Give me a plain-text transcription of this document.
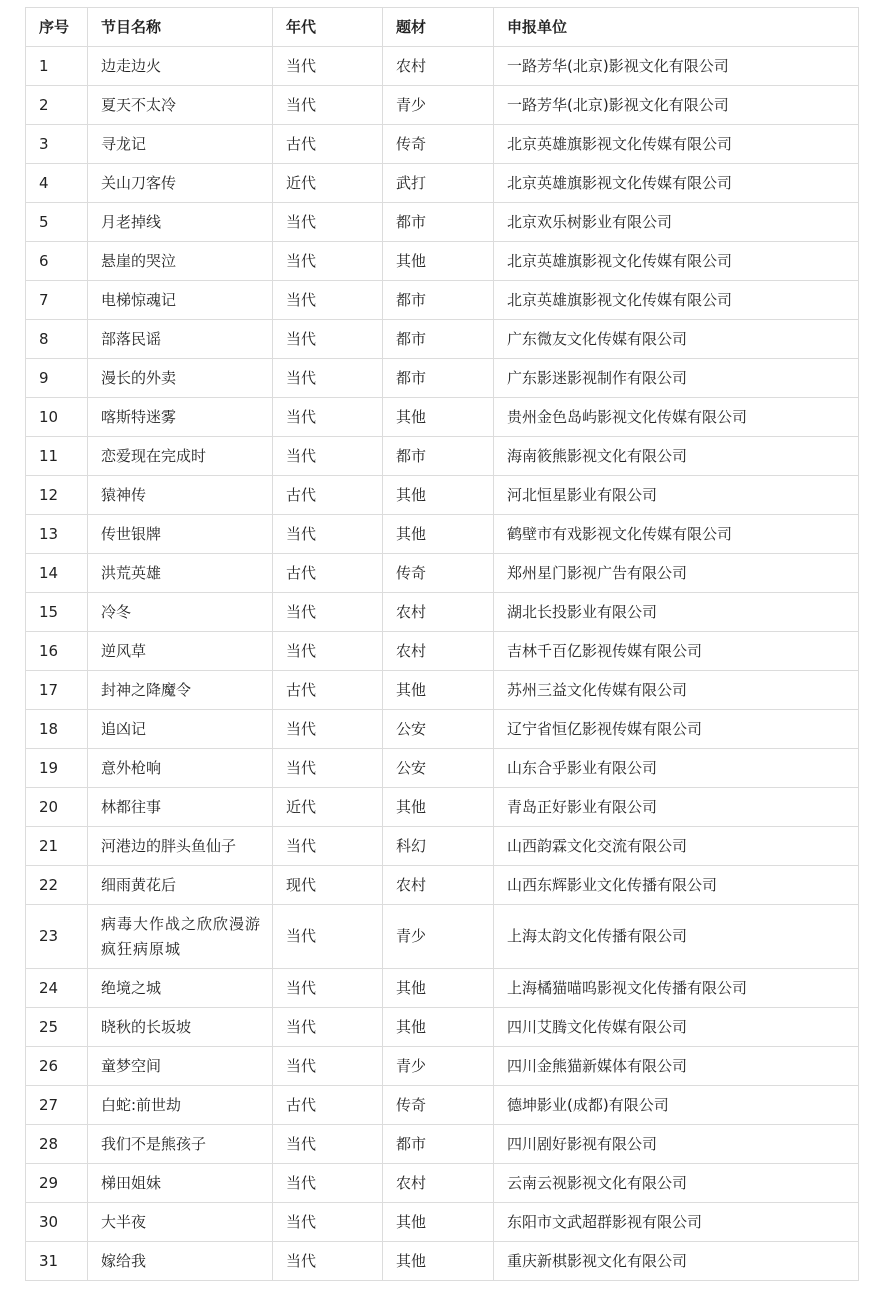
序号	节目名称	年代	题材	申报单位
1	边走边火	当代	农村	一路芳华(北京)影视文化有限公司
2	夏天不太冷	当代	青少	一路芳华(北京)影视文化有限公司
3	寻龙记	古代	传奇	北京英雄旗影视文化传媒有限公司
4	关山刀客传	近代	武打	北京英雄旗影视文化传媒有限公司
5	月老掉线	当代	都市	北京欢乐树影业有限公司
6	悬崖的哭泣	当代	其他	北京英雄旗影视文化传媒有限公司
7	电梯惊魂记	当代	都市	北京英雄旗影视文化传媒有限公司
8	部落民谣	当代	都市	广东微友文化传媒有限公司
9	漫长的外卖	当代	都市	广东影迷影视制作有限公司
10	喀斯特迷雾	当代	其他	贵州金色岛屿影视文化传媒有限公司
11	恋爱现在完成时	当代	都市	海南筱熊影视文化有限公司
12	猿神传	古代	其他	河北恒星影业有限公司
13	传世银牌	当代	其他	鹤壁市有戏影视文化传媒有限公司
14	洪荒英雄	古代	传奇	郑州星门影视广告有限公司
15	冷冬	当代	农村	湖北长投影业有限公司
16	逆风草	当代	农村	吉林千百亿影视传媒有限公司
17	封神之降魔令	古代	其他	苏州三益文化传媒有限公司
18	追凶记	当代	公安	辽宁省恒亿影视传媒有限公司
19	意外枪响	当代	公安	山东合乎影业有限公司
20	林都往事	近代	其他	青岛正好影业有限公司
21	河港边的胖头鱼仙子	当代	科幻	山西韵霖文化交流有限公司
22	细雨黄花后	现代	农村	山西东辉影业文化传播有限公司
23	病毒大作战之欣欣漫游疯狂病原城	当代	青少	上海太韵文化传播有限公司
24	绝境之城	当代	其他	上海橘猫喵呜影视文化传播有限公司
25	晓秋的长坂坡	当代	其他	四川艾腾文化传媒有限公司
26	童梦空间	当代	青少	四川金熊猫新媒体有限公司
27	白蛇:前世劫	古代	传奇	德坤影业(成都)有限公司
28	我们不是熊孩子	当代	都市	四川剧好影视有限公司
29	梯田姐妹	当代	农村	云南云视影视文化有限公司
30	大半夜	当代	其他	东阳市文武超群影视有限公司
31	嫁给我	当代	其他	重庆新棋影视文化有限公司
